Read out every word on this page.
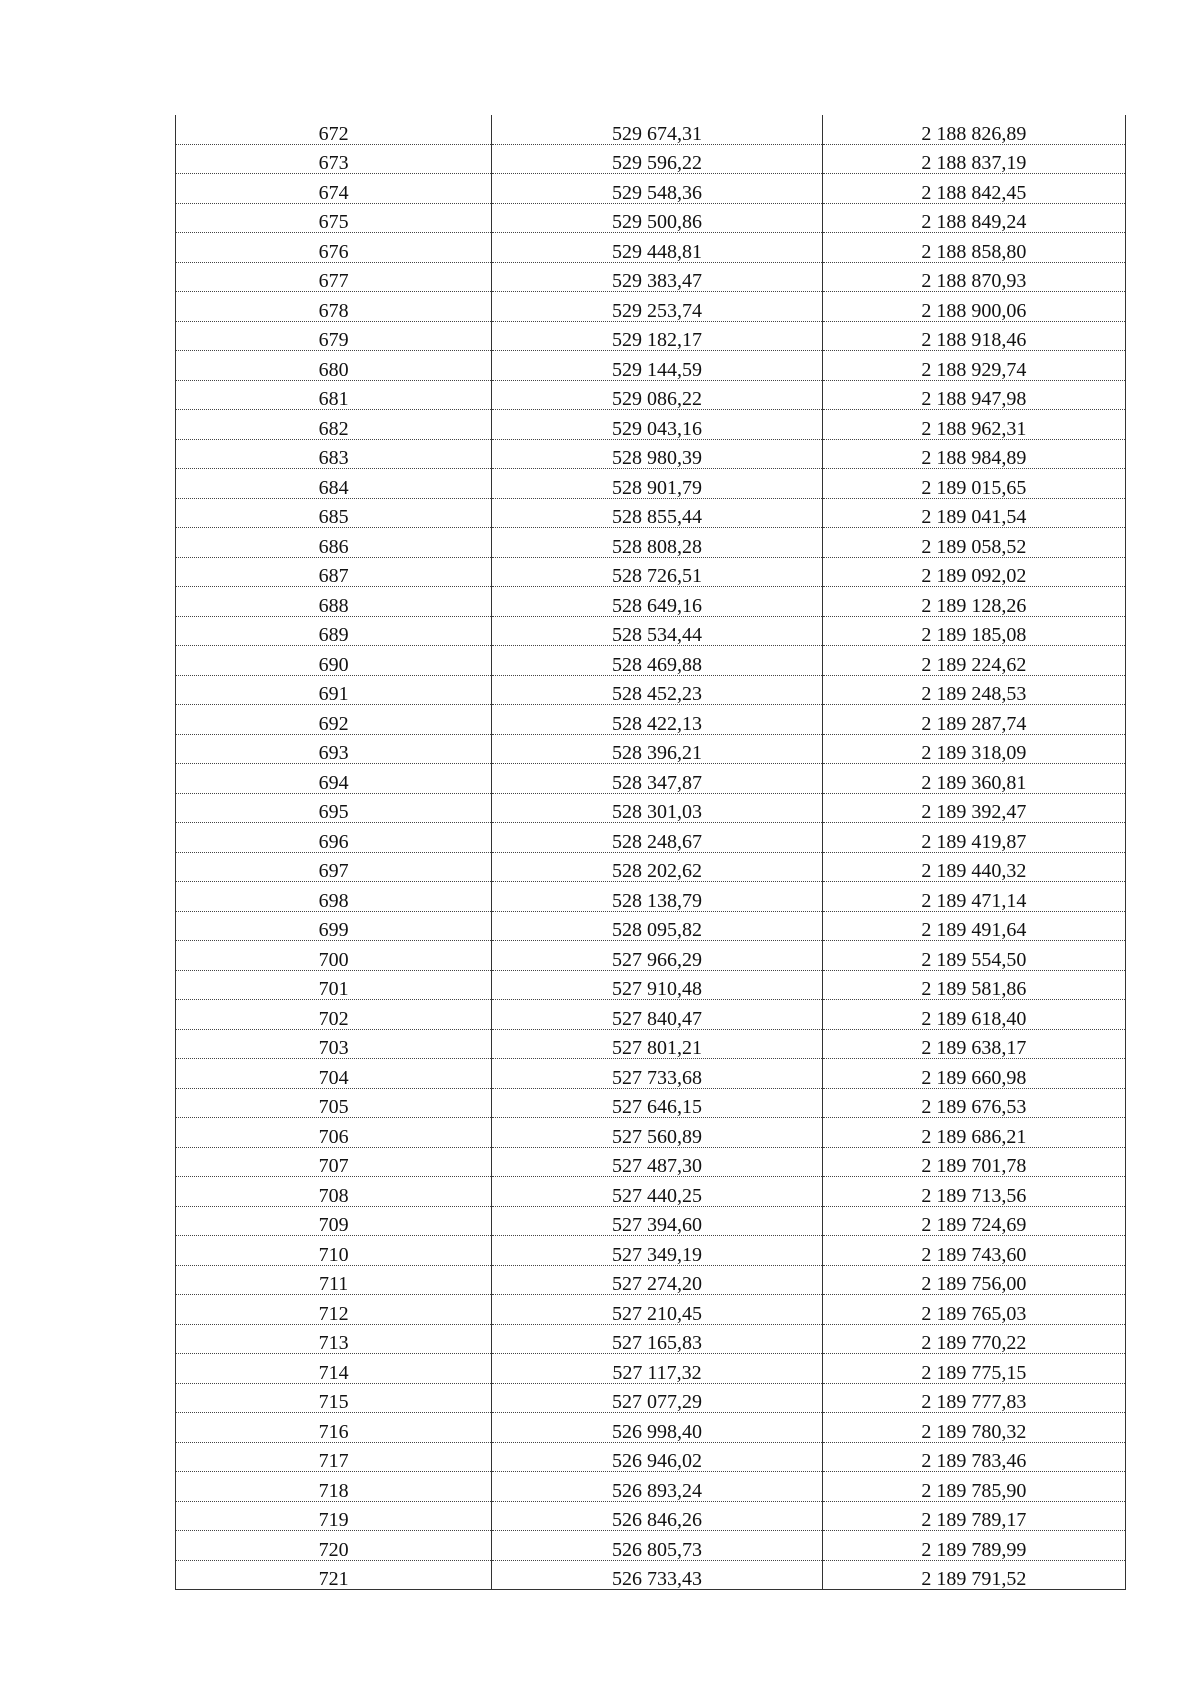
672	529 674,31	2 188 826,89
673	529 596,22	2 188 837,19
674	529 548,36	2 188 842,45
675	529 500,86	2 188 849,24
676	529 448,81	2 188 858,80
677	529 383,47	2 188 870,93
678	529 253,74	2 188 900,06
679	529 182,17	2 188 918,46
680	529 144,59	2 188 929,74
681	529 086,22	2 188 947,98
682	529 043,16	2 188 962,31
683	528 980,39	2 188 984,89
684	528 901,79	2 189 015,65
685	528 855,44	2 189 041,54
686	528 808,28	2 189 058,52
687	528 726,51	2 189 092,02
688	528 649,16	2 189 128,26
689	528 534,44	2 189 185,08
690	528 469,88	2 189 224,62
691	528 452,23	2 189 248,53
692	528 422,13	2 189 287,74
693	528 396,21	2 189 318,09
694	528 347,87	2 189 360,81
695	528 301,03	2 189 392,47
696	528 248,67	2 189 419,87
697	528 202,62	2 189 440,32
698	528 138,79	2 189 471,14
699	528 095,82	2 189 491,64
700	527 966,29	2 189 554,50
701	527 910,48	2 189 581,86
702	527 840,47	2 189 618,40
703	527 801,21	2 189 638,17
704	527 733,68	2 189 660,98
705	527 646,15	2 189 676,53
706	527 560,89	2 189 686,21
707	527 487,30	2 189 701,78
708	527 440,25	2 189 713,56
709	527 394,60	2 189 724,69
710	527 349,19	2 189 743,60
711	527 274,20	2 189 756,00
712	527 210,45	2 189 765,03
713	527 165,83	2 189 770,22
714	527 117,32	2 189 775,15
715	527 077,29	2 189 777,83
716	526 998,40	2 189 780,32
717	526 946,02	2 189 783,46
718	526 893,24	2 189 785,90
719	526 846,26	2 189 789,17
720	526 805,73	2 189 789,99
721	526 733,43	2 189 791,52
